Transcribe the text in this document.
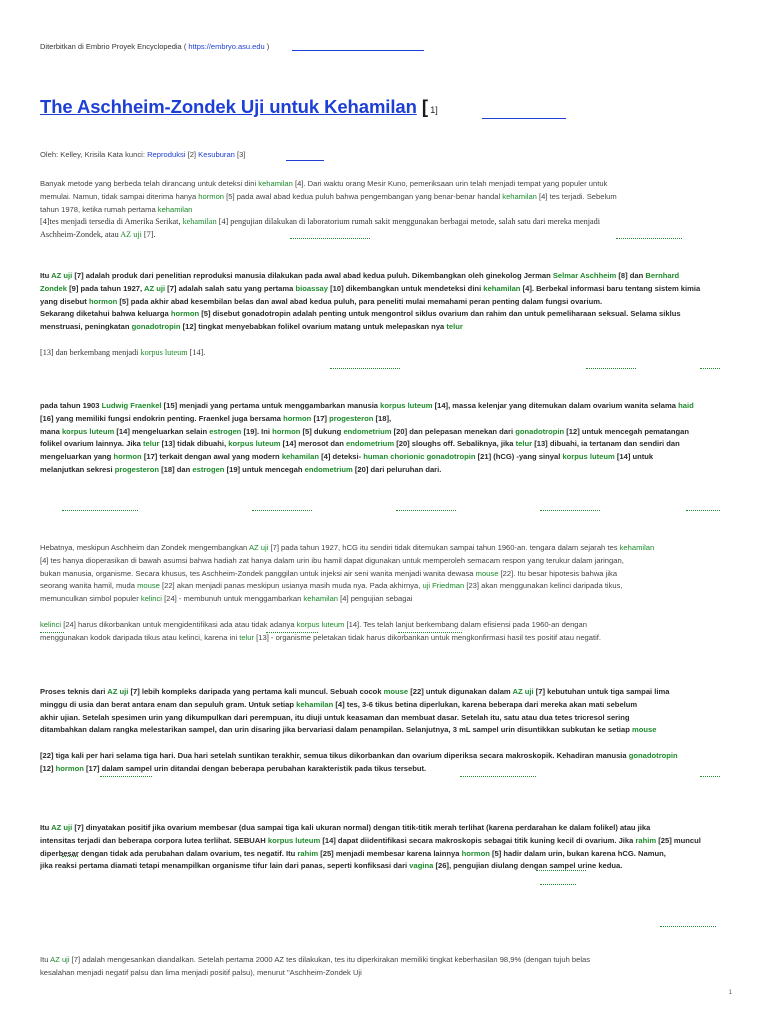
Diterbitkan di Embrio Proyek Encyclopedia ( https://embryo.asu.edu )
The Aschheim-Zondek Uji untuk Kehamilan [ 1]
Oleh: Kelley, Krisila Kata kunci: Reproduksi [2] Kesuburan [3]
Banyak metode yang berbeda telah dirancang untuk deteksi dini kehamilan [4]. Dari waktu orang Mesir Kuno, pemeriksaan urin telah menjadi tempat yang populer untuk
memulai. Namun, tidak sampai diterima hanya hormon [5] pada awal abad kedua puluh bahwa pengembangan yang benar-benar handal kehamilan [4] tes terjadi. Sebelum
tahun 1978, ketika rumah pertama kehamilan
[4]tes menjadi tersedia di Amerika Serikat, kehamilan [4] pengujian dilakukan di laboratorium rumah sakit menggunakan berbagai metode, salah satu dari mereka menjadi
Aschheim-Zondek, atau AZ uji [7].
Itu AZ uji [7] adalah produk dari penelitian reproduksi manusia dilakukan pada awal abad kedua puluh. Dikembangkan oleh ginekolog Jerman Selmar Aschheim [8] dan Bernhard
Zondek [9] pada tahun 1927, AZ uji [7] adalah salah satu yang pertama bioassay [10] dikembangkan untuk mendeteksi dini kehamilan [4]. Berbekal informasi baru tentang sistem kimia
yang disebut hormon [5] pada akhir abad kesembilan belas dan awal abad kedua puluh, para peneliti mulai memahami peran penting dalam fungsi ovarium.
Sekarang diketahui bahwa keluarga hormon [5] disebut gonadotropin adalah penting untuk mengontrol siklus ovarium dan rahim dan untuk pemeliharaan seksual. Selama siklus
menstruasi, peningkatan gonadotropin [12] tingkat menyebabkan folikel ovarium matang untuk melepaskan nya telur
[13] dan berkembang menjadi korpus luteum [14].
pada tahun 1903 Ludwig Fraenkel [15] menjadi yang pertama untuk menggambarkan manusia korpus luteum [14], massa kelenjar yang ditemukan dalam ovarium wanita selama haid
[16] yang memiliki fungsi endokrin penting. Fraenkel juga bersama hormon [17] progesteron [18],
mana korpus luteum [14] mengeluarkan selain estrogen [19]. Ini hormon [5] dukung endometrium [20] dan pelepasan menekan dari gonadotropin [12] untuk mencegah pematangan
folikel ovarium lainnya. Jika telur [13] tidak dibuahi, korpus luteum [14] merosot dan endometrium [20] sloughs off. Sebaliknya, jika telur [13] dibuahi, ia tertanam dan sendiri dan
mengeluarkan yang hormon [17] terkait dengan awal yang modern kehamilan [4] deteksi- human chorionic gonadotropin [21] (hCG) -yang sinyal korpus luteum [14] untuk
melanjutkan sekresi progesteron [18] dan estrogen [19] untuk mencegah endometrium [20] dari peluruhan dari.
Hebatnya, meskipun Aschheim dan Zondek mengembangkan AZ uji [7] pada tahun 1927, hCG itu sendiri tidak ditemukan sampai tahun 1960-an. tengara dalam sejarah tes kehamilan
[4] tes hanya dioperasikan di bawah asumsi bahwa hadiah zat hanya dalam urin ibu hamil dapat digunakan untuk memperoleh semacam respon yang terukur dalam jaringan,
bukan manusia, organisme. Secara khusus, tes Aschheim-Zondek panggilan untuk injeksi air seni wanita menjadi wanita dewasa mouse [22]. Itu besar hipotesis bahwa jika
seorang wanita hamil, muda mouse [22] akan menjadi panas meskipun usianya masih muda nya. Pada akhirnya, uji Friedman [23] akan menggunakan kelinci daripada tikus,
memunculkan simbol populer kelinci [24] - membunuh untuk menggambarkan kehamilan [4] pengujian sebagai
kelinci [24] harus dikorbankan untuk mengidentifikasi ada atau tidak adanya korpus luteum [14]. Tes telah lanjut berkembang dalam efisiensi pada 1960-an dengan
menggunakan kodok daripada tikus atau kelinci, karena ini telur [13] - organisme peletakan tidak harus dikorbankan untuk mengkonfirmasi hasil tes positif atau negatif.
Proses teknis dari AZ uji [7] lebih kompleks daripada yang pertama kali muncul. Sebuah cocok mouse [22] untuk digunakan dalam AZ uji [7] kebutuhan untuk tiga sampai lima
minggu di usia dan berat antara enam dan sepuluh gram. Untuk setiap kehamilan [4] tes, 3-6 tikus betina diperlukan, karena beberapa dari mereka akan mati sebelum
akhir ujian. Setelah spesimen urin yang dikumpulkan dari perempuan, itu diuji untuk keasaman dan membuat dasar. Setelah itu, satu atau dua tetes tricresol sering
ditambahkan dalam rangka melestarikan sampel, dan urin disaring jika bervariasi dalam penampilan. Selanjutnya, 3 mL sampel urin disuntikkan subkutan ke setiap mouse
[22] tiga kali per hari selama tiga hari. Dua hari setelah suntikan terakhir, semua tikus dikorbankan dan ovarium diperiksa secara makroskopik. Kehadiran manusia gonadotropin
[12] hormon [17] dalam sampel urin ditandai dengan beberapa perubahan karakteristik pada tikus tersebut.
Itu AZ uji [7] dinyatakan positif jika ovarium membesar (dua sampai tiga kali ukuran normal) dengan titik-titik merah terlihat (karena perdarahan ke dalam folikel) atau jika
intensitas terjadi dan beberapa corpora lutea terlihat. SEBUAH korpus luteum [14] dapat diidentifikasi secara makroskopis sebagai titik kuning kecil di ovarium. Jika rahim [25] muncul
diperbesar dengan tidak ada perubahan dalam ovarium, tes negatif. Itu rahim [25] menjadi membesar karena lainnya hormon [5] hadir dalam urin, bukan karena hCG. Namun,
jika reaksi pertama diamati tetapi menampilkan organisme tifur lain dari panas, seperti konfiksasi dari vagina [26], pengujian diulang dengan sampel urine kedua.
Itu AZ uji [7] adalah mengesankan diandalkan. Setelah pertama 2000 AZ tes dilakukan, tes itu diperkirakan memiliki tingkat keberhasilan 98,9% (dengan tujuh belas
kesalahan menjadi negatif palsu dan lima menjadi positif palsu), menurut "Aschheim-Zondek Uji
1
